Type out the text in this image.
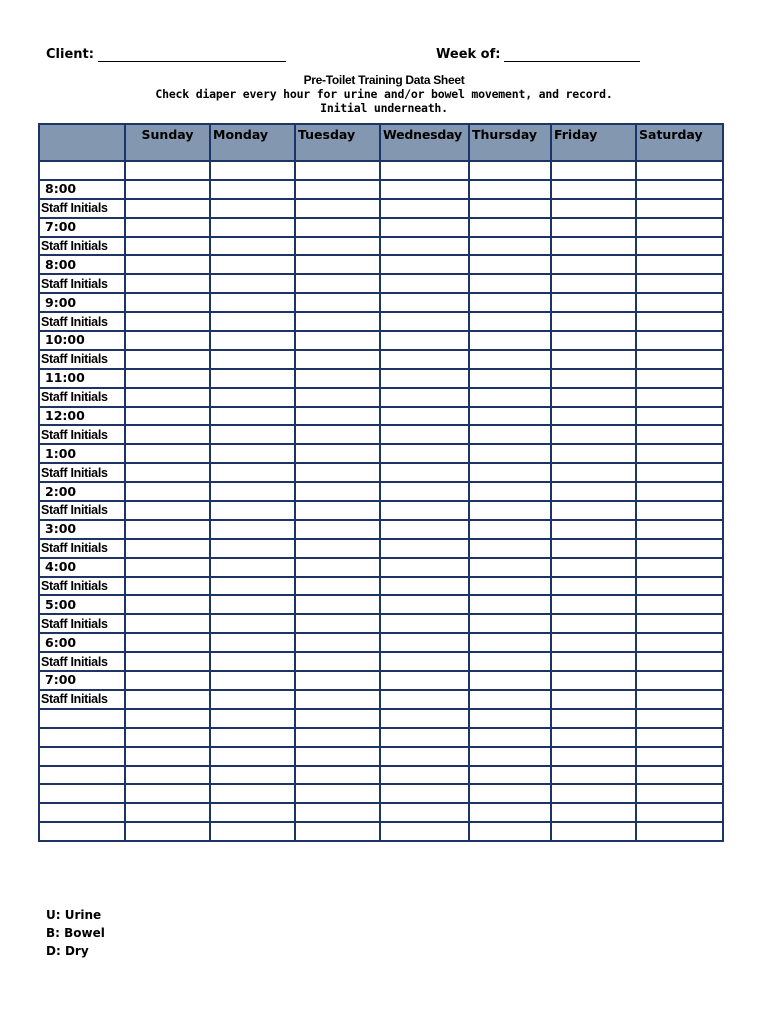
Client:	Week of:
Pre-Toilet Training Data Sheet
Check diaper every hour for urine and/or bowel movement, and record.
Initial underneath.
	Sunday	Monday	Tuesday	Wednesday	Thursday	Friday	Saturday

8:00							
Staff Initials							
7:00							
Staff Initials							
8:00							
Staff Initials							
9:00							
Staff Initials							
10:00							
Staff Initials							
11:00							
Staff Initials							
12:00							
Staff Initials							
1:00							
Staff Initials							
2:00							
Staff Initials							
3:00							
Staff Initials							
4:00							
Staff Initials							
5:00							
Staff Initials							
6:00							
Staff Initials							
7:00							
Staff Initials							

U: Urine
B: Bowel
D: Dry
